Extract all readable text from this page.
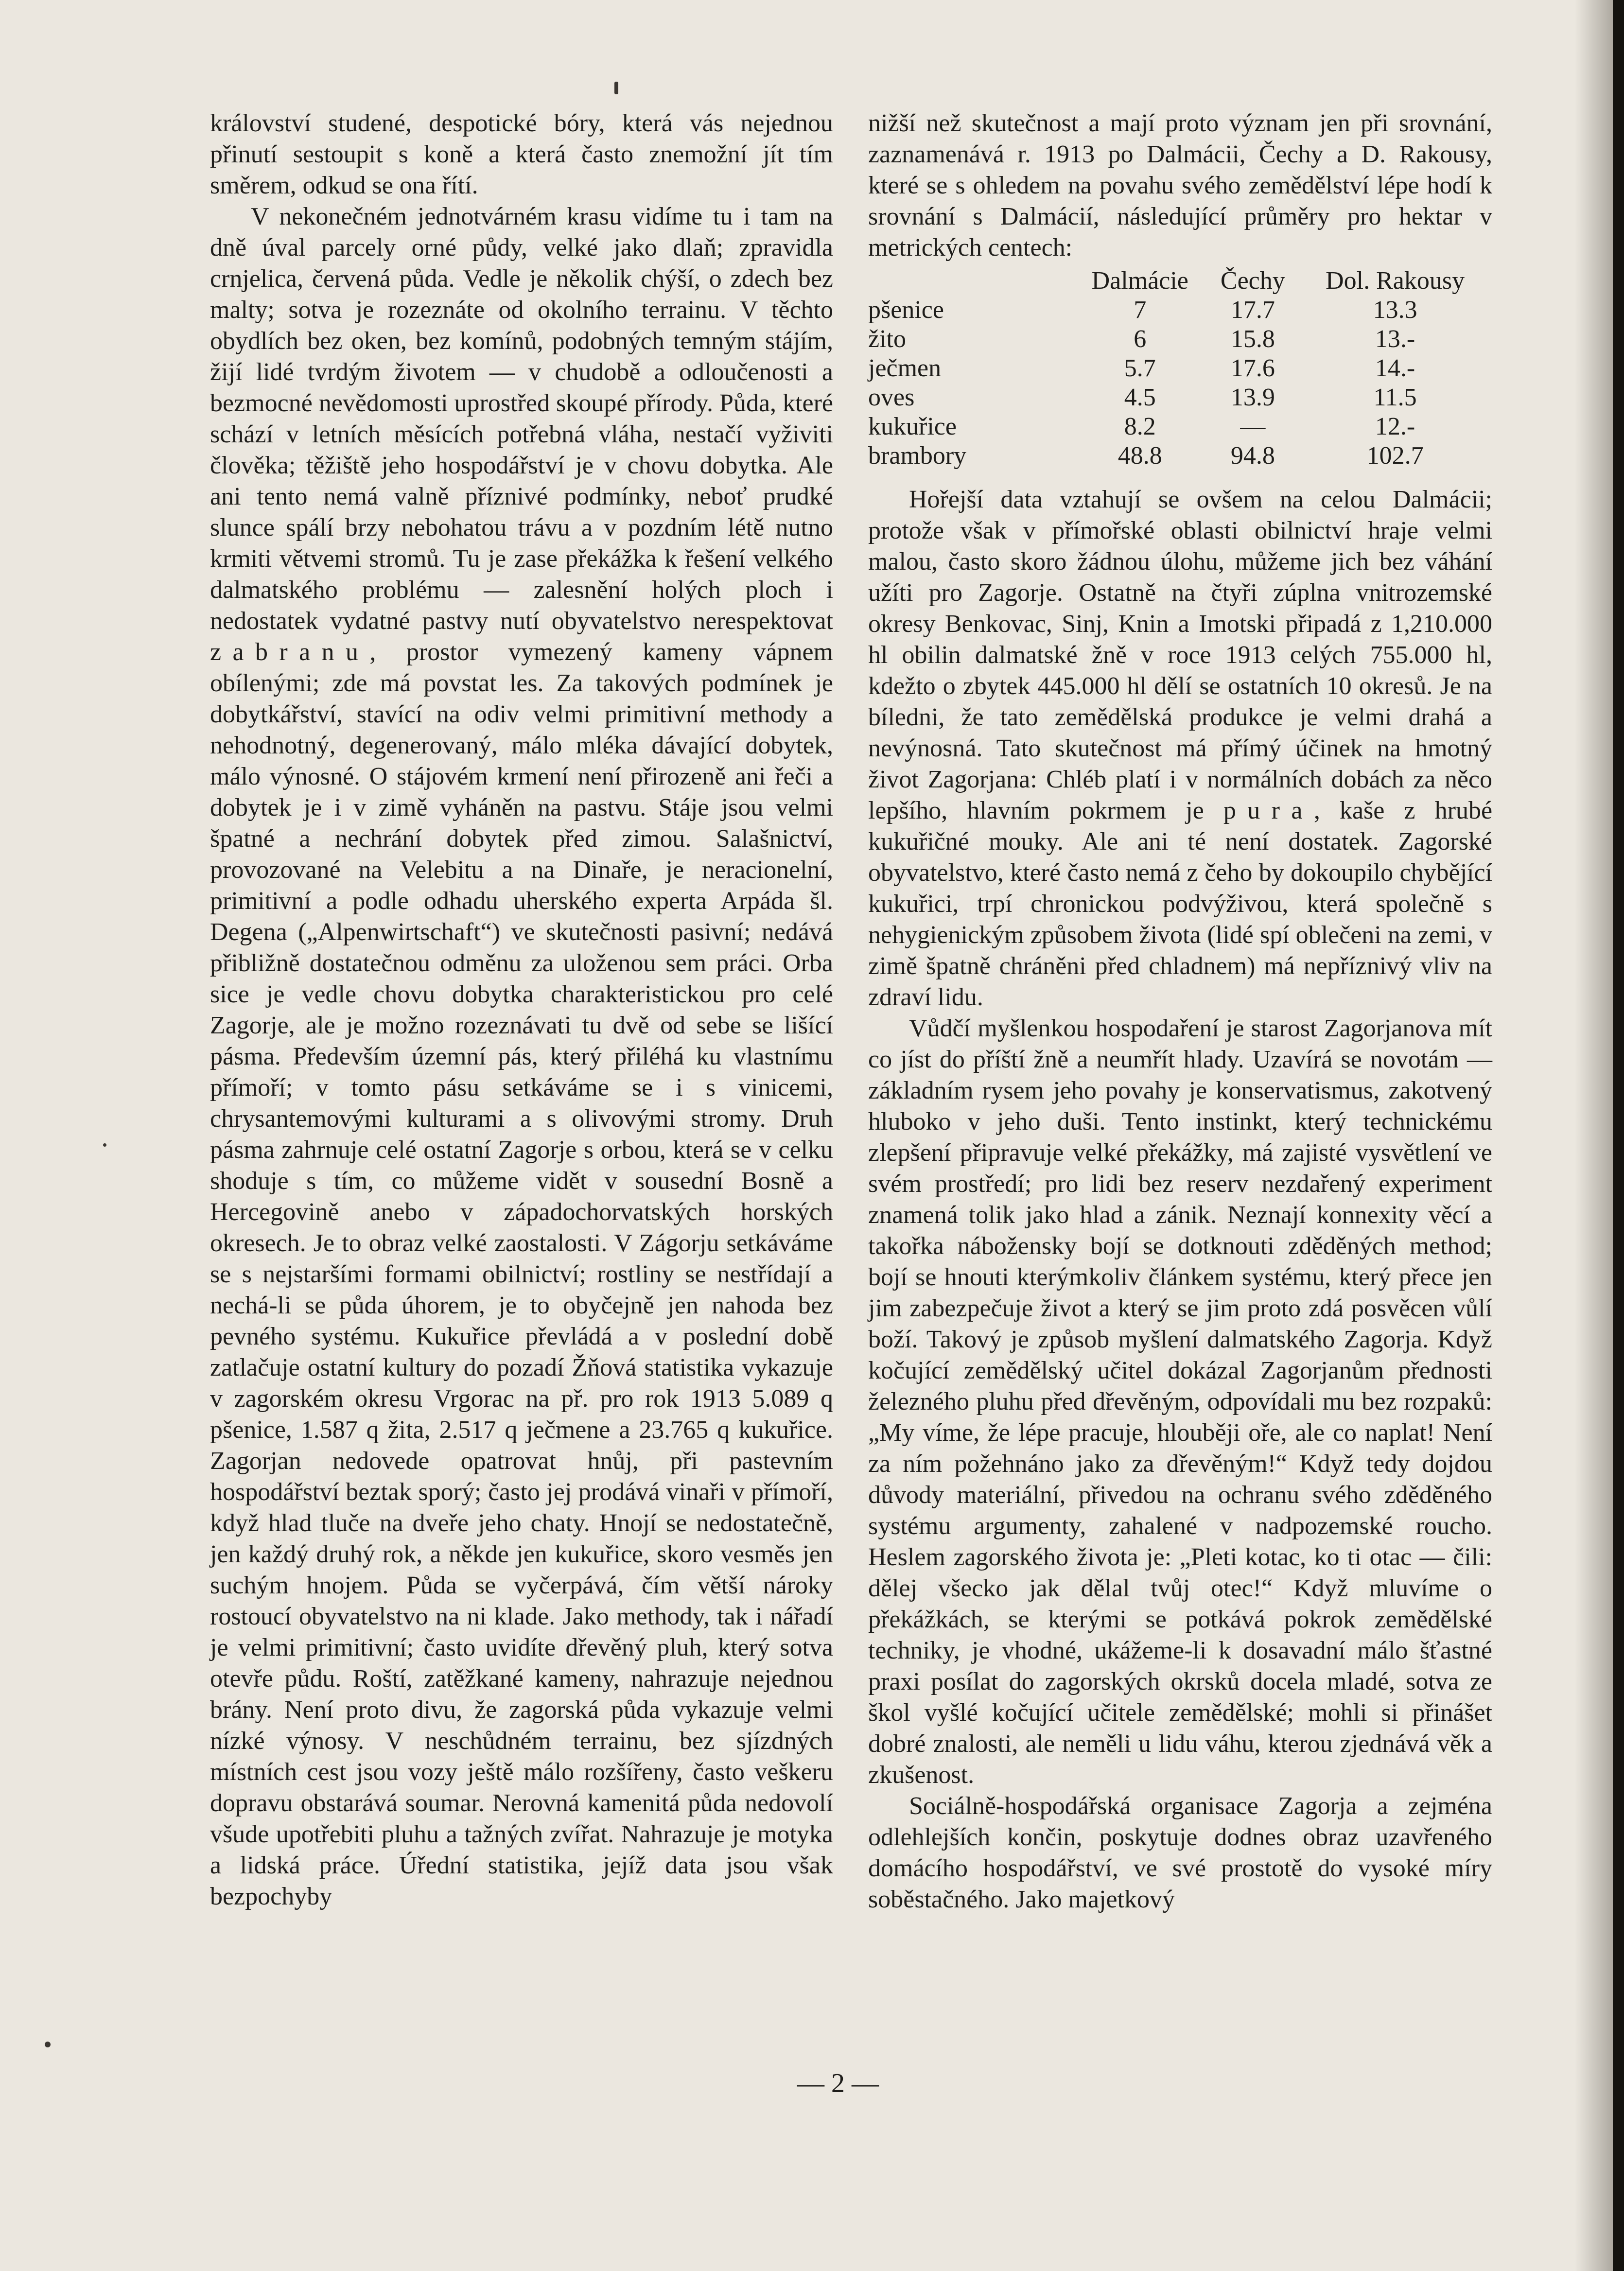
království studené, despotické bóry, která vás nejednou přinutí sestoupit s koně a která často znemožní jít tím směrem, odkud se ona řítí.

V nekonečném jednotvárném krasu vidíme tu i tam na dně úval parcely orné půdy, velké jako dlaň; zpravidla crnjelica, červená půda. Vedle je několik chýší, o zdech bez malty; sotva je rozeznáte od okolního terrainu. V těchto obydlích bez oken, bez komínů, podobných temným stájím, žijí lidé tvrdým životem — v chudobě a odloučenosti a bezmocné nevědomosti uprostřed skoupé přírody. Půda, které schází v letních měsících potřebná vláha, nestačí vyživiti člověka; těžiště jeho hospodářství je v chovu dobytka. Ale ani tento nemá valně příznivé podmínky, neboť prudké slunce spálí brzy nebohatou trávu a v pozdním létě nutno krmiti větvemi stromů. Tu je zase překážka k řešení velkého dalmatského problému — zalesnění holých ploch i nedostatek vydatné pastvy nutí obyvatelstvo nerespektovat zabranu, prostor vymezený kameny vápnem obílenými; zde má povstat les. Za takových podmínek je dobytkářství, stavící na odiv velmi primitivní methody a nehodnotný, degenerovaný, málo mléka dávající dobytek, málo výnosné. O stájovém krmení není přirozeně ani řeči a dobytek je i v zimě vyháněn na pastvu. Stáje jsou velmi špatné a nechrání dobytek před zimou. Salašnictví, provozované na Velebitu a na Dinaře, je neracionelní, primitivní a podle odhadu uherského experta Arpáda šl. Degena („Alpenwirtschaft“) ve skutečnosti pasivní; nedává přibližně dostatečnou odměnu za uloženou sem práci. Orba sice je vedle chovu dobytka charakteristickou pro celé Zagorje, ale je možno rozeznávati tu dvě od sebe se lišící pásma. Především územní pás, který přiléhá ku vlastnímu přímoří; v tomto pásu setkáváme se i s vinicemi, chrysantemovými kulturami a s olivovými stromy. Druh pásma zahrnuje celé ostatní Zagorje s orbou, která se v celku shoduje s tím, co můžeme vidět v sousední Bosně a Hercegovině anebo v západochorvatských horských okresech. Je to obraz velké zaostalosti. V Zágorju setkáváme se s nejstaršími formami obilnictví; rostliny se nestřídají a nechá-li se půda úhorem, je to obyčejně jen nahoda bez pevného systému. Kukuřice převládá a v poslední době zatlačuje ostatní kultury do pozadí Žňová statistika vykazuje v zagorském okresu Vrgorac na př. pro rok 1913 5.089 q pšenice, 1.587 q žita, 2.517 q ječmene a 23.765 q kukuřice. Zagorjan nedovede opatrovat hnůj, při pastevním hospodářství beztak sporý; často jej prodává vinaři v přímoří, když hlad tluče na dveře jeho chaty. Hnojí se nedostatečně, jen každý druhý rok, a někde jen kukuřice, skoro vesměs jen suchým hnojem. Půda se vyčerpává, čím větší nároky rostoucí obyvatelstvo na ni klade. Jako methody, tak i nářadí je velmi primitivní; často uvidíte dřevěný pluh, který sotva otevře půdu. Roští, zatěžkané kameny, nahrazuje nejednou brány. Není proto divu, že zagorská půda vykazuje velmi nízké výnosy. V neschůdném terrainu, bez sjízdných místních cest jsou vozy ještě málo rozšířeny, často veškeru dopravu obstarává soumar. Nerovná kamenitá půda nedovolí všude upotřebiti pluhu a tažných zvířat. Nahrazuje je motyka a lidská práce. Úřední statistika, jejíž data jsou však bezpochyby

nižší než skutečnost a mají proto význam jen při srovnání, zaznamenává r. 1913 po Dalmácii, Čechy a D. Rakousy, které se s ohledem na povahu svého zemědělství lépe hodí k srovnání s Dalmácií, následující průměry pro hektar v metrických centech:

	Dalmácie	Čechy	Dol. Rakousy
pšenice	7	17.7	13.3
žito	6	15.8	13.-
ječmen	5.7	17.6	14.-
oves	4.5	13.9	11.5
kukuřice	8.2	—	12.-
brambory	48.8	94.8	102.7

Hořejší data vztahují se ovšem na celou Dalmácii; protože však v přímořské oblasti obilnictví hraje velmi malou, často skoro žádnou úlohu, můžeme jich bez váhání užíti pro Zagorje. Ostatně na čtyři zúplna vnitrozemské okresy Benkovac, Sinj, Knin a Imotski připadá z 1,210.000 hl obilin dalmatské žně v roce 1913 celých 755.000 hl, kdežto o zbytek 445.000 hl dělí se ostatních 10 okresů. Je na bíledni, že tato zemědělská produkce je velmi drahá a nevýnosná. Tato skutečnost má přímý účinek na hmotný život Zagorjana: Chléb platí i v normálních dobách za něco lepšího, hlavním pokrmem je pura, kaše z hrubé kukuřičné mouky. Ale ani té není dostatek. Zagorské obyvatelstvo, které často nemá z čeho by dokoupilo chybějící kukuřici, trpí chronickou podvýživou, která společně s nehygienickým způsobem života (lidé spí oblečeni na zemi, v zimě špatně chráněni před chladnem) má nepříznivý vliv na zdraví lidu.

Vůdčí myšlenkou hospodaření je starost Zagorjanova mít co jíst do příští žně a neumřít hlady. Uzavírá se novotám — základním rysem jeho povahy je konservatismus, zakotvený hluboko v jeho duši. Tento instinkt, který technickému zlepšení připravuje velké překážky, má zajisté vysvětlení ve svém prostředí; pro lidi bez reserv nezdařený experiment znamená tolik jako hlad a zánik. Neznají konnexity věcí a takořka nábožensky bojí se dotknouti zděděných method; bojí se hnouti kterýmkoliv článkem systému, který přece jen jim zabezpečuje život a který se jim proto zdá posvěcen vůlí boží. Takový je způsob myšlení dalmatského Zagorja. Když kočující zemědělský učitel dokázal Zagorjanům přednosti železného pluhu před dřevěným, odpovídali mu bez rozpaků: „My víme, že lépe pracuje, hlouběji oře, ale co naplat! Není za ním požehnáno jako za dřevěným!“ Když tedy dojdou důvody materiální, přivedou na ochranu svého zděděného systému argumenty, zahalené v nadpozemské roucho. Heslem zagorského života je: „Pleti kotac, ko ti otac — čili: dělej všecko jak dělal tvůj otec!“ Když mluvíme o překážkách, se kterými se potkává pokrok zemědělské techniky, je vhodné, ukážeme-li k dosavadní málo šťastné praxi posílat do zagorských okrsků docela mladé, sotva ze škol vyšlé kočující učitele zemědělské; mohli si přinášet dobré znalosti, ale neměli u lidu váhu, kterou zjednává věk a zkušenost.

Sociálně-hospodářská organisace Zagorja a zejména odlehlejších končin, poskytuje dodnes obraz uzavřeného domácího hospodářství, ve své prostotě do vysoké míry soběstačného. Jako majetkový

— 2 —
